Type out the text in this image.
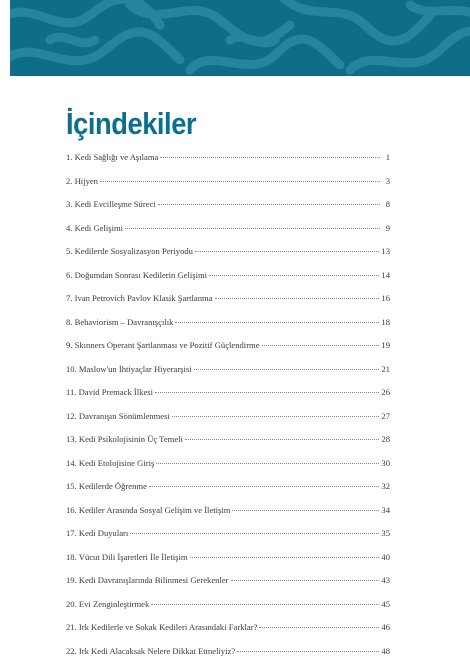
İçindekiler
1. Kedi Sağlığı ve Aşılama	1
2. Hijyen	3
3. Kedi Evcilleşme Süreci	8
4. Kedi Gelişimi	9
5. Kedilerde Sosyalizasyon Periyodu	13
6. Doğumdan Sonrası Kedilerin Gelişimi	14
7. Ivan Petrovich Pavlov Klasik Şartlanma	16
8. Behaviorism – Davranışçılık	18
9. Skınners Operant Şartlanması ve Pozitif Güçlendirme	19
10. Maslow'un İhtiyaçlar Hiyerarşisi	21
11. David Premack İlkesi	26
12. Davranışın Sönümlenmesi	27
13. Kedi Psikolojisinin Üç Temeli	28
14. Kedi Etolojisine Giriş	30
15. Kedilerde Öğrenme	32
16. Kediler Arasında Sosyal Gelişim ve İletişim	34
17. Kedi Duyuları	35
18. Vücut Dili İşaretleri İle İletişim	40
19. Kedi Davranışlarında Bilinmesi Gerekenler	43
20. Evi Zenginleştirmek	45
21. Irk Kedilerle ve Sokak Kedileri Arasındaki Farklar?	46
22. Irk Kedi Alacaksak Nelere Dikkat Etmeliyiz?	48
